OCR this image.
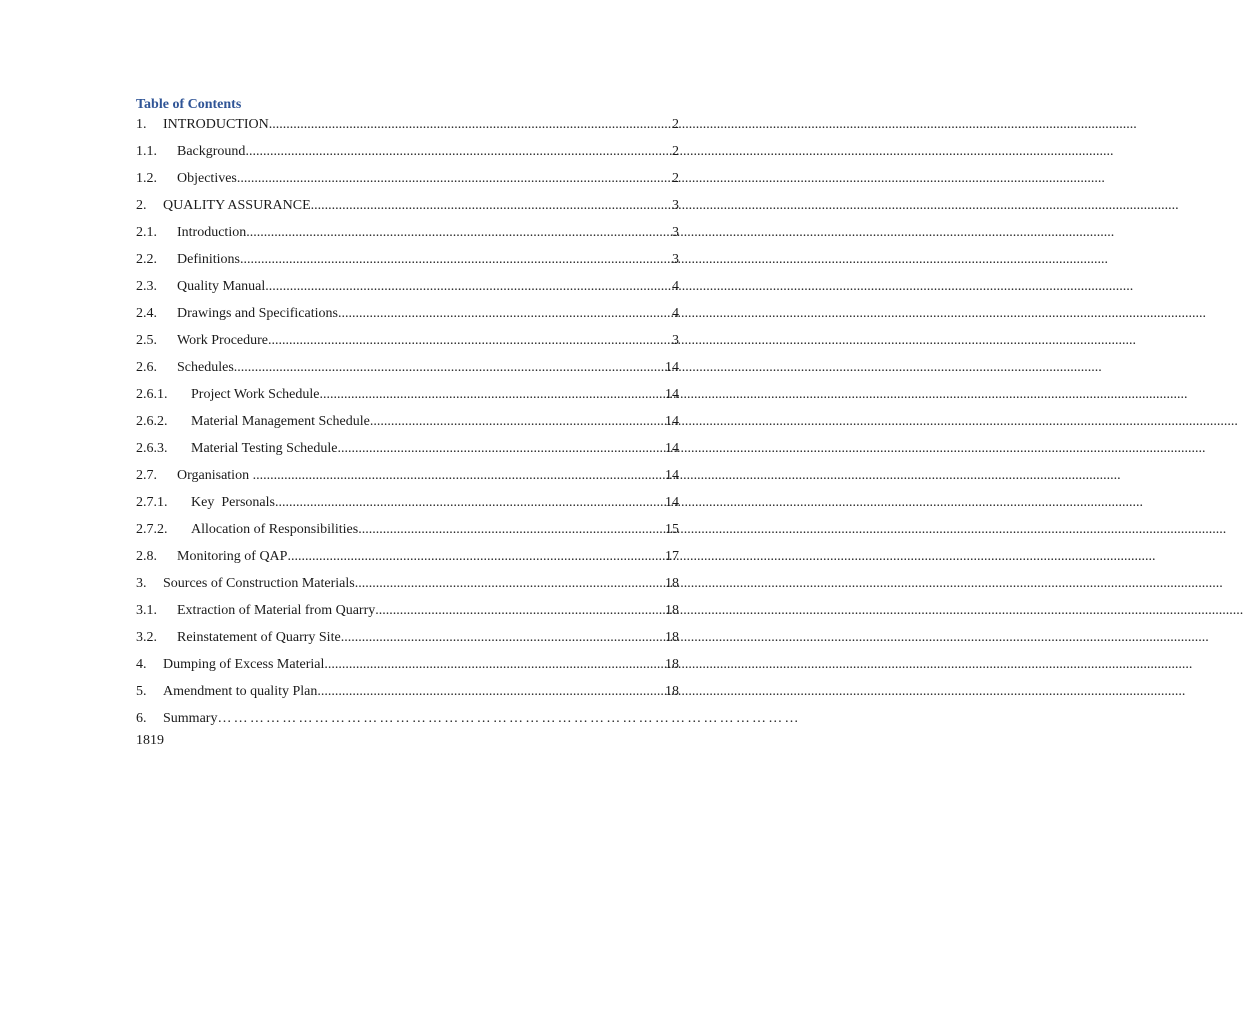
Table of Contents
1.	INTRODUCTION .....	2
1.1.	Background .....	2
1.2.	Objectives .....	2
2.	QUALITY ASSURANCE .....	3
2.1.	Introduction .....	3
2.2.	Definitions .....	3
2.3.	Quality Manual .....	4
2.4.	Drawings and Specifications .....	4
2.5.	Work Procedure .....	3
2.6.	Schedules .....	14
2.6.1.	Project Work Schedule .....	14
2.6.2.	Material Management Schedule .....	14
2.6.3.	Material Testing Schedule .....	14
2.7.	Organisation .....	14
2.7.1.	Key  Personals .....	14
2.7.2.	Allocation of Responsibilities .....	15
2.8.	Monitoring of QAP .....	17
3.	Sources of Construction Materials .....	18
3.1.	Extraction of Material from Quarry .....	18
3.2.	Reinstatement of Quarry Site .....	18
4.	Dumping of Excess Material .....	18
5.	Amendment to quality Plan .....	18
6.	Summary ………………………………………………………………………………………………
1819
